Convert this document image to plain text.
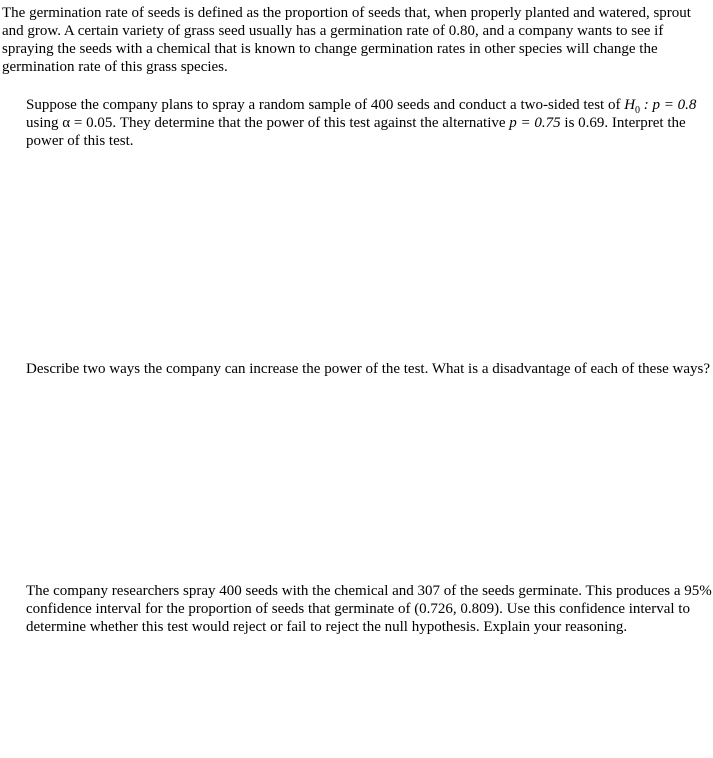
The germination rate of seeds is defined as the proportion of seeds that, when properly planted and watered, sprout and grow. A certain variety of grass seed usually has a germination rate of 0.80, and a company wants to see if spraying the seeds with a chemical that is known to change germination rates in other species will change the germination rate of this grass species.

Suppose the company plans to spray a random sample of 400 seeds and conduct a two-sided test of $H_0$ : p = 0.8 using α = 0.05. They determine that the power of this test against the alternative p = 0.75 is 0.69. Interpret the power of this test.

Describe two ways the company can increase the power of the test. What is a disadvantage of each of these ways?

The company researchers spray 400 seeds with the chemical and 307 of the seeds germinate. This produces a 95% confidence interval for the proportion of seeds that germinate of (0.726, 0.809). Use this confidence interval to determine whether this test would reject or fail to reject the null hypothesis. Explain your reasoning.
